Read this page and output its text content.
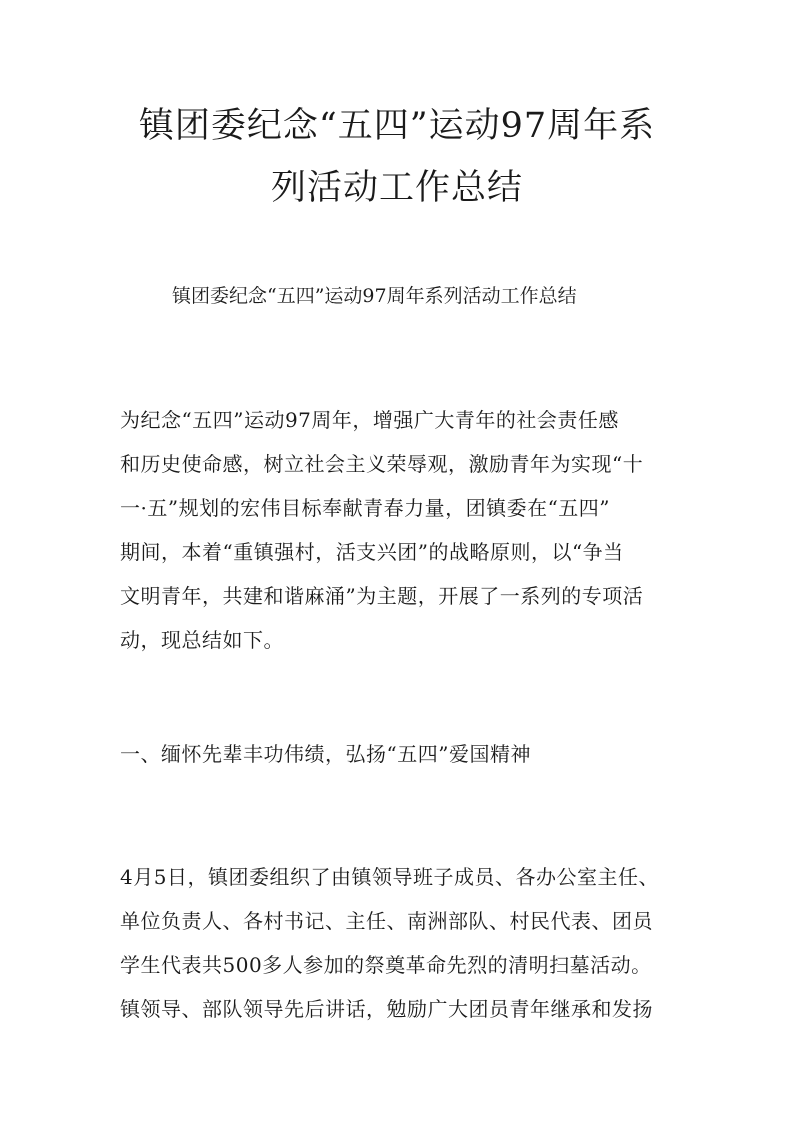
镇团委纪念“五四”运动97周年系
列活动工作总结
镇团委纪念“五四”运动97周年系列活动工作总结
为纪念“五四”运动97周年，增强广大青年的社会责任感
和历史使命感，树立社会主义荣辱观，激励青年为实现“十
一·五”规划的宏伟目标奉献青春力量，团镇委在“五四”
期间，本着“重镇强村，活支兴团”的战略原则，以“争当
文明青年，共建和谐麻涌”为主题，开展了一系列的专项活
动，现总结如下。
一、缅怀先辈丰功伟绩，弘扬“五四”爱国精神
4月5日，镇团委组织了由镇领导班子成员、各办公室主任、
单位负责人、各村书记、主任、南洲部队、村民代表、团员
学生代表共500多人参加的祭奠革命先烈的清明扫墓活动。
镇领导、部队领导先后讲话，勉励广大团员青年继承和发扬
